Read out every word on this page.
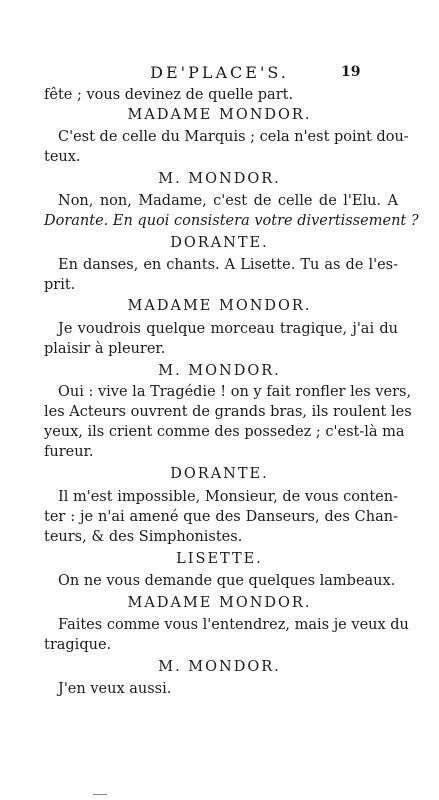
DE'PLACE'S.	19
fête ; vous devinez de quelle part.
MADAME MONDOR.
C'est de celle du Marquis ; cela n'est point dou-
teux.
M. MONDOR.
Non, non, Madame, c'est de celle de l'Elu. A
Dorante. En quoi consistera votre divertissement ?
DORANTE.
En danses, en chants. A Lisette. Tu as de l'es-
prit.
MADAME MONDOR.
Je voudrois quelque morceau tragique, j'ai du
plaisir à pleurer.
M. MONDOR.
Oui : vive la Tragédie ! on y fait ronfler les vers,
les Acteurs ouvrent de grands bras, ils roulent les
yeux, ils crient comme des possedez ; c'est-là ma
fureur.
DORANTE.
Il m'est impossible, Monsieur, de vous conten-
ter : je n'ai amené que des Danseurs, des Chan-
teurs, & des Simphonistes.
LISETTE.
On ne vous demande que quelques lambeaux.
MADAME MONDOR.
Faites comme vous l'entendrez, mais je veux du
tragique.
M. MONDOR.
J'en veux aussi.
